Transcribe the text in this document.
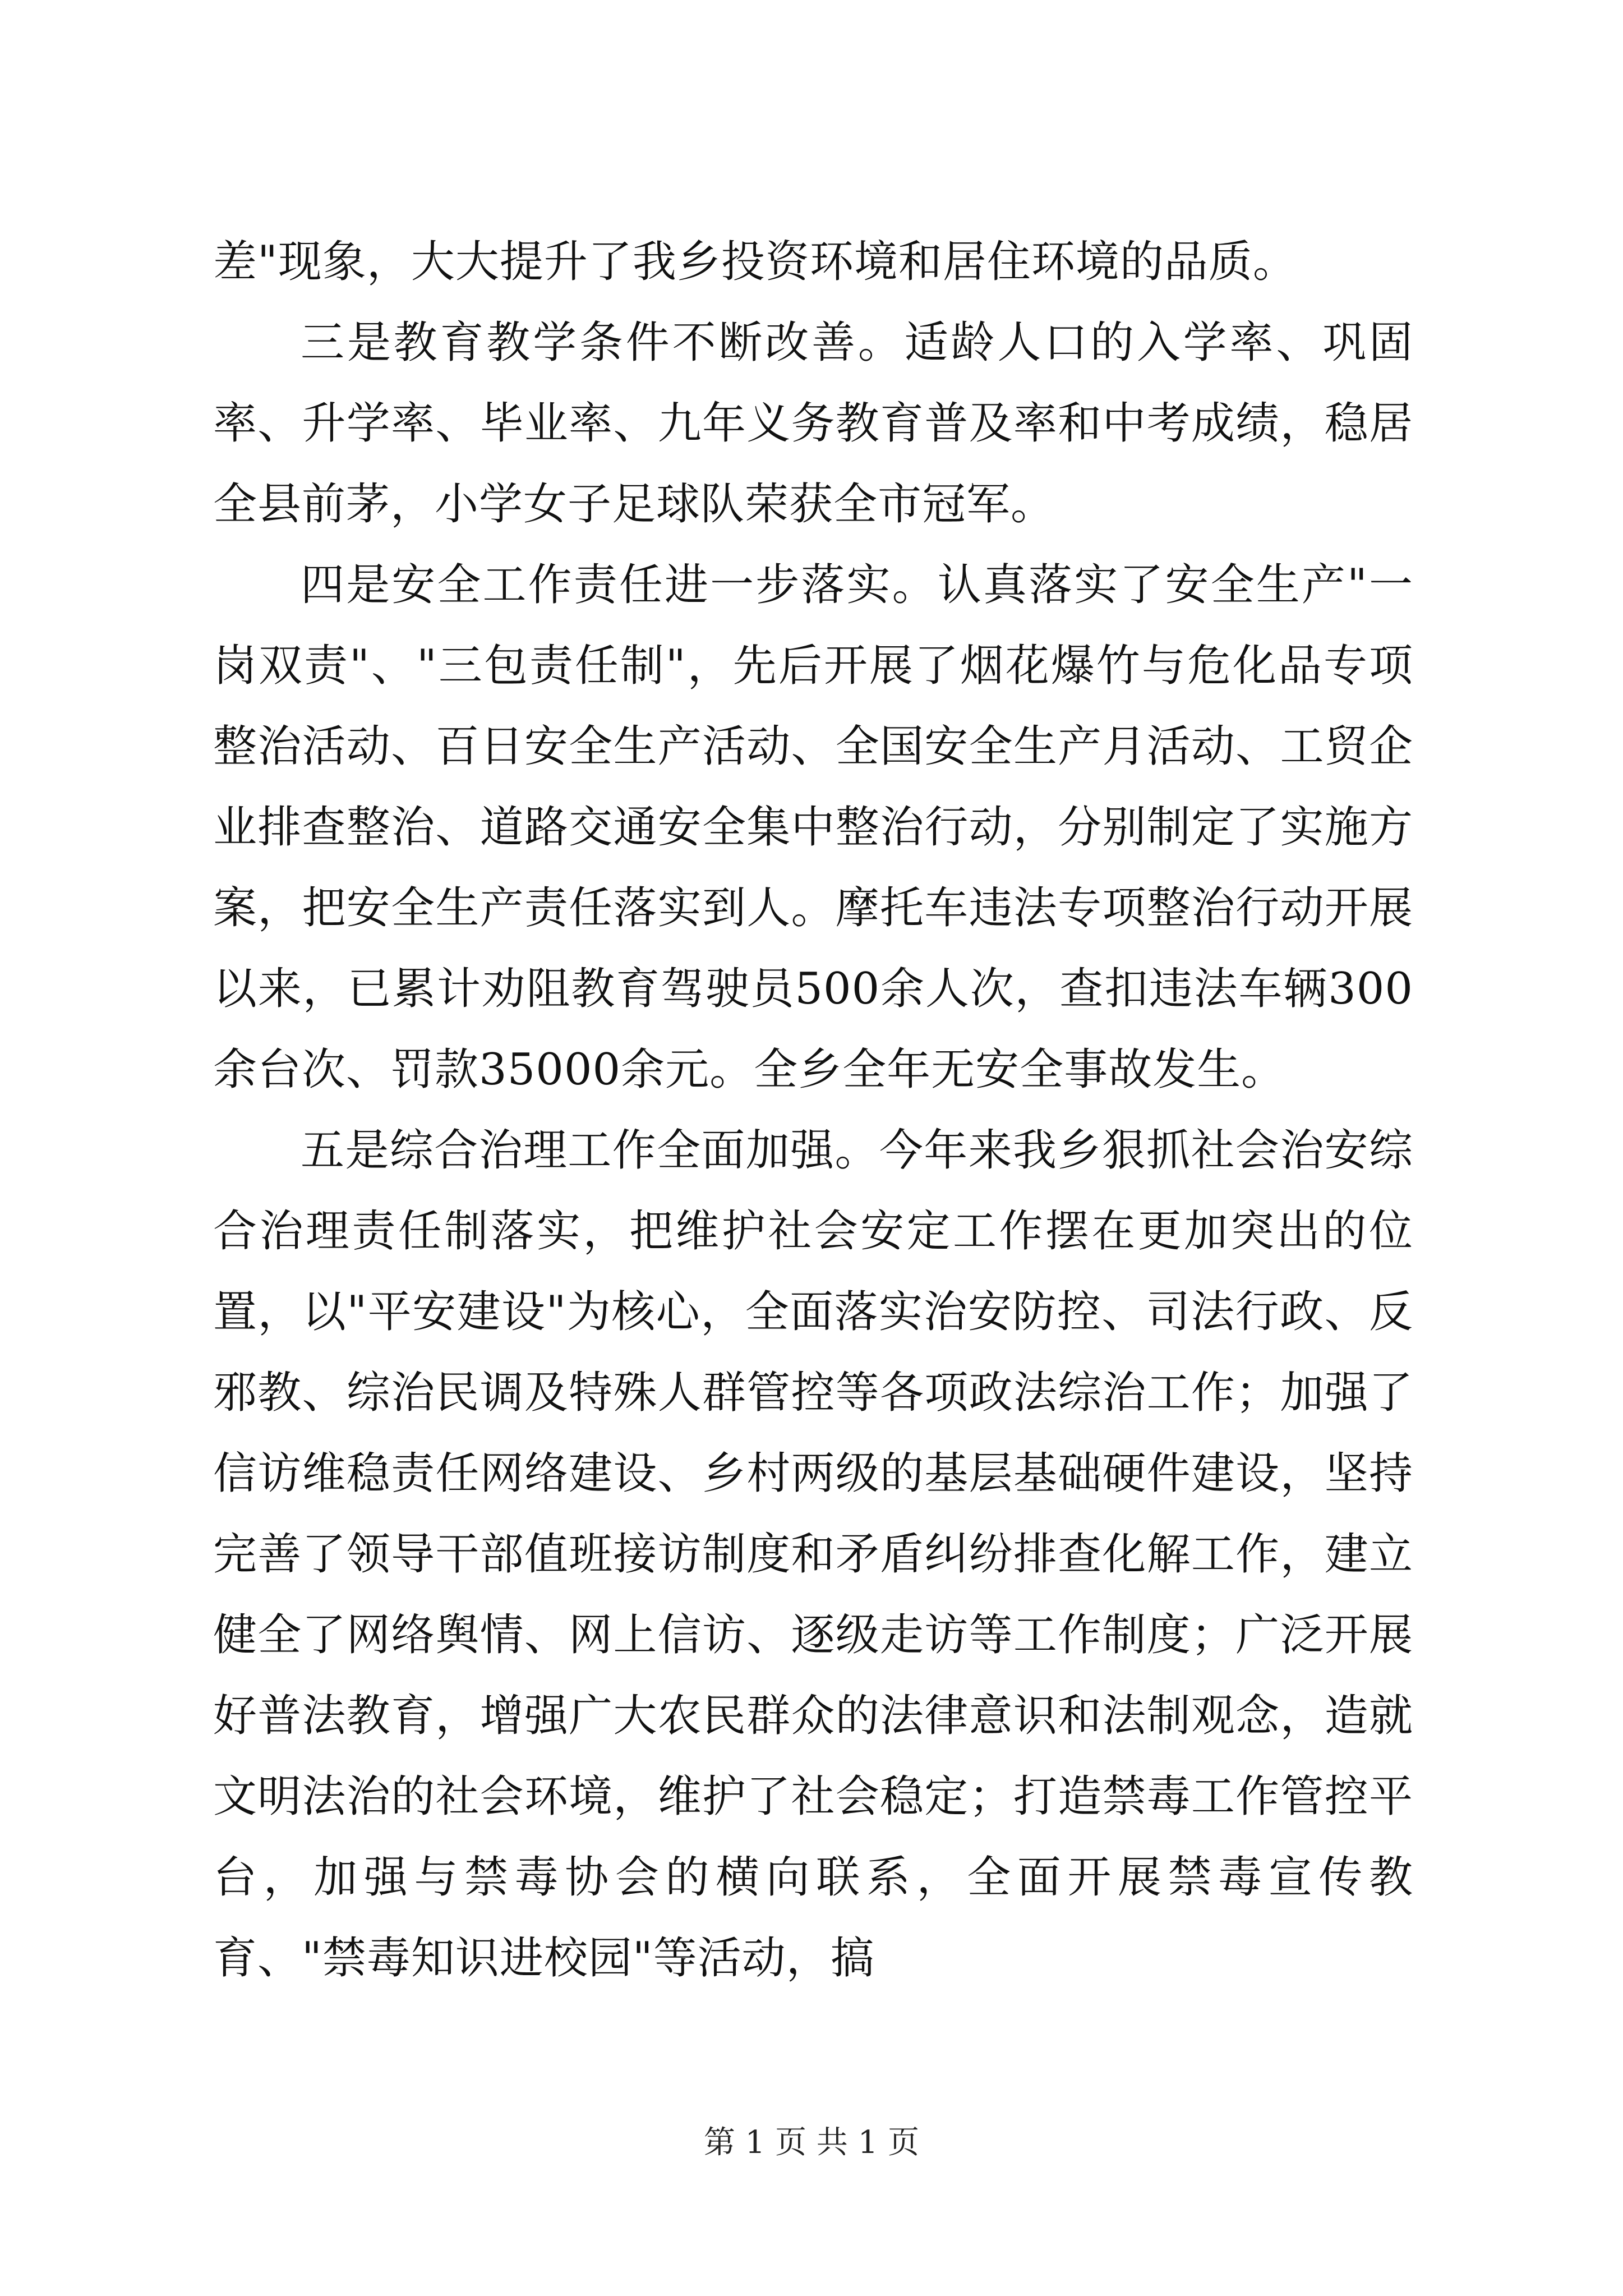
差"现象，大大提升了我乡投资环境和居住环境的品质。

三是教育教学条件不断改善。适龄人口的入学率、巩固率、升学率、毕业率、九年义务教育普及率和中考成绩，稳居全县前茅，小学女子足球队荣获全市冠军。

四是安全工作责任进一步落实。认真落实了安全生产"一岗双责"、"三包责任制"，先后开展了烟花爆竹与危化品专项整治活动、百日安全生产活动、全国安全生产月活动、工贸企业排查整治、道路交通安全集中整治行动，分别制定了实施方案，把安全生产责任落实到人。摩托车违法专项整治行动开展以来，已累计劝阻教育驾驶员500余人次，查扣违法车辆300余台次、罚款35000余元。全乡全年无安全事故发生。

五是综合治理工作全面加强。今年来我乡狠抓社会治安综合治理责任制落实，把维护社会安定工作摆在更加突出的位置，以"平安建设"为核心，全面落实治安防控、司法行政、反邪教、综治民调及特殊人群管控等各项政法综治工作；加强了信访维稳责任网络建设、乡村两级的基层基础硬件建设，坚持完善了领导干部值班接访制度和矛盾纠纷排查化解工作，建立健全了网络舆情、网上信访、逐级走访等工作制度；广泛开展好普法教育，增强广大农民群众的法律意识和法制观念，造就文明法治的社会环境，维护了社会稳定；打造禁毒工作管控平台，加强与禁毒协会的横向联系，全面开展禁毒宣传教育、"禁毒知识进校园"等活动，搞

第 1 页 共 1 页
